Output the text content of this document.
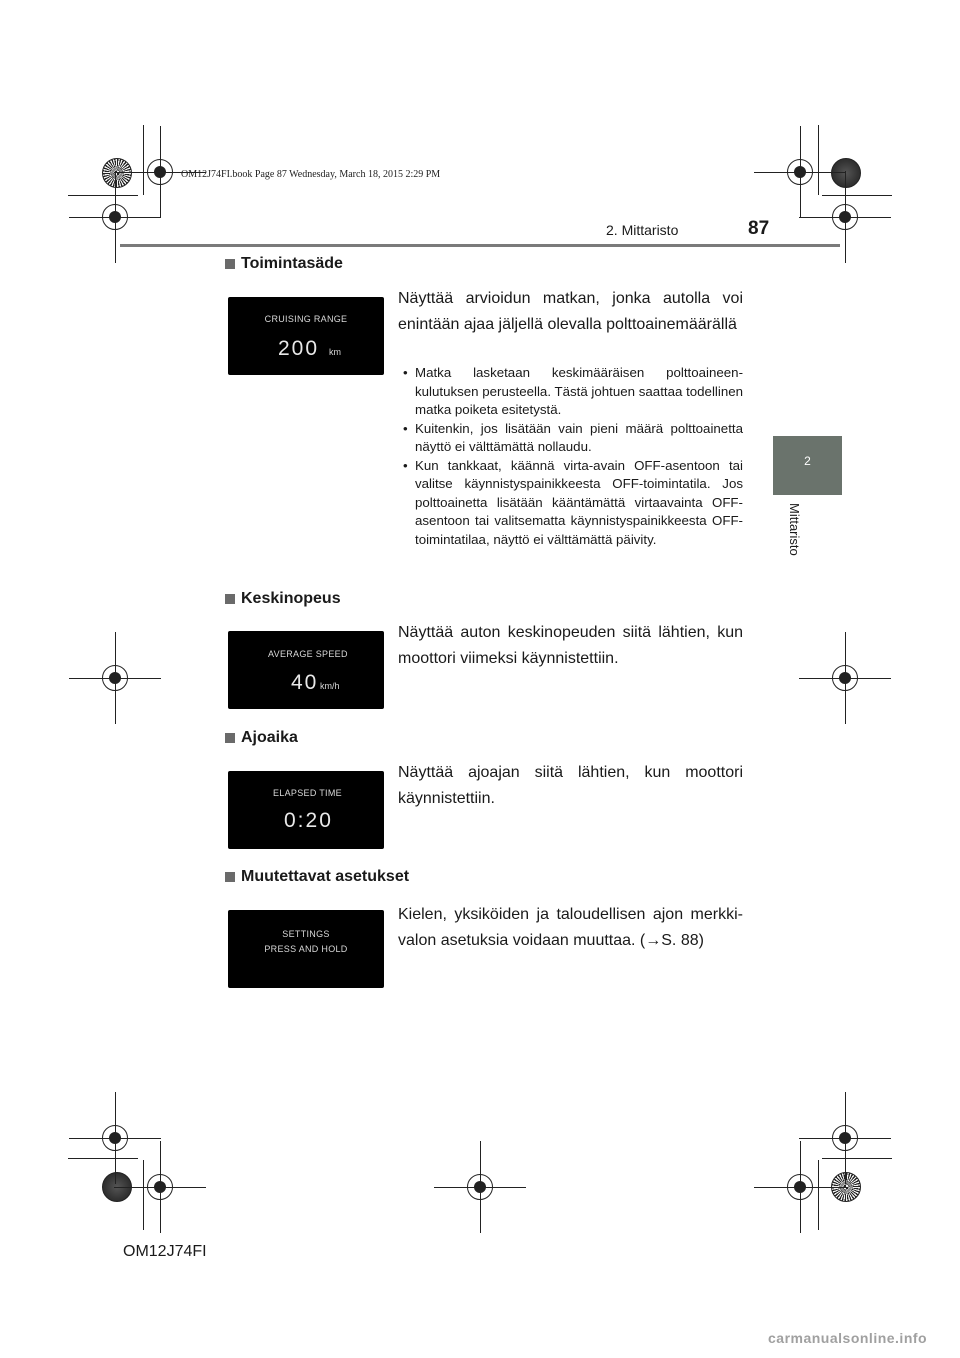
OM12J74FI.book Page 87 Wednesday, March 18, 2015 2:29 PM
2. Mittaristo	87
2
Mittaristo
Toimintasäde
CRUISING RANGE
200 km
Näyttää arvioidun matkan, jonka autolla voi enintään ajaa jäljellä olevalla polttoainemäärällä
• Matka lasketaan keskimääräisen polttoaineenkulutuksen perusteella. Tästä johtuen saattaa todellinen matka poiketa esitetystä.
• Kuitenkin, jos lisätään vain pieni määrä polttoainetta näyttö ei välttämättä nollaudu.
• Kun tankkaat, käännä virta-avain OFF-asentoon tai valitse käynnistyspainikkeesta OFF-toimintatila. Jos polttoainetta lisätään kääntämättä virtaavainta OFF-asentoon tai valitsematta käynnistyspainikkeesta OFF-toimintatilaa, näyttö ei välttämättä päivity.
Keskinopeus
AVERAGE SPEED
40 km/h
Näyttää auton keskinopeuden siitä lähtien, kun moottori viimeksi käynnistettiin.
Ajoaika
ELAPSED TIME
0:20
Näyttää ajoajan siitä lähtien, kun moottori käynnistettiin.
Muutettavat asetukset
SETTINGS
PRESS AND HOLD
Kielen, yksiköiden ja taloudellisen ajon merkkivalon asetuksia voidaan muuttaa. (→S. 88)
OM12J74FI
carmanualsonline.info
